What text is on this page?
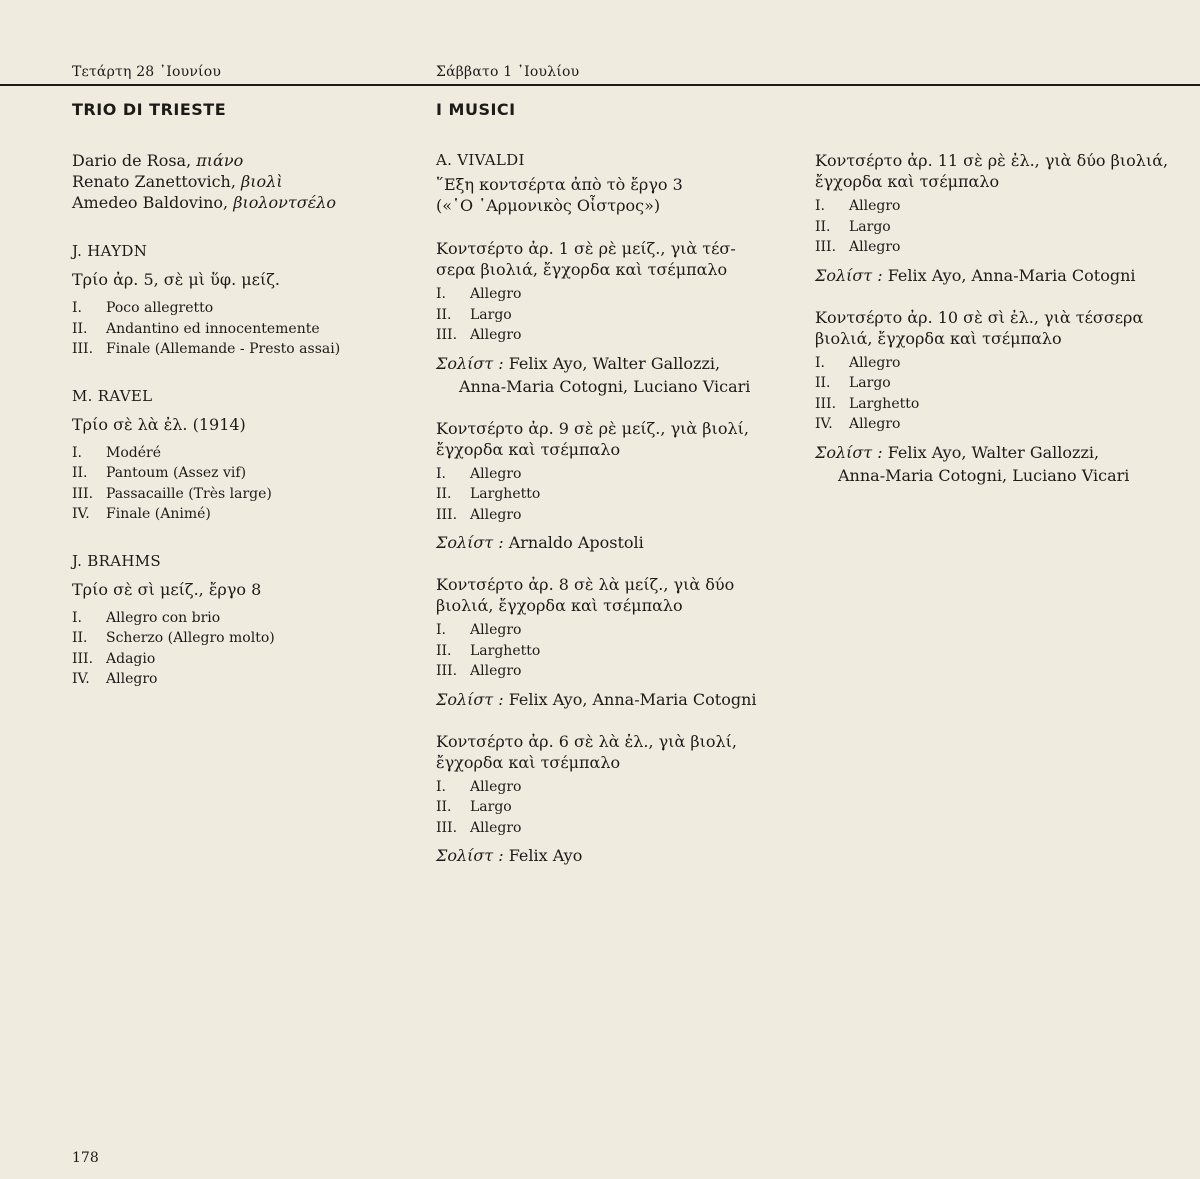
Τετάρτη 28 ᾽Ιουνίου	Σάββατο 1 ᾽Ιουλίου
TRIO DI TRIESTE	I MUSICI
Dario de Rosa, πιάνο
Renato Zanettovich, βιολὶ
Amedeo Baldovino, βιολοντσέλο
J. HAYDN
Τρίο ἀρ. 5, σὲ μὶ ὕφ. μείζ.
I.	Poco allegretto
II.	Andantino ed innocentemente
III. Finale (Allemande - Presto assai)
M. RAVEL
Τρίο σὲ λὰ ἐλ. (1914)
I.	Modéré
II.	Pantoum (Assez vif)
III. Passacaille (Très large)
IV.	Finale (Animé)
J. BRAHMS
Τρίο σὲ σὶ μείζ., ἔργο 8
I.	Allegro con brio
II.	Scherzo (Allegro molto)
III. Adagio
IV.	Allegro
A. VIVALDI
῞Εξη κοντσέρτα ἀπὸ τὸ ἔργο 3
(«῾Ο ῾Αρμονικὸς Οἶστρος»)
Κοντσέρτο ἀρ. 1 σὲ ρὲ μείζ., γιὰ τέσ-
σερα βιολιά, ἔγχορδα καὶ τσέμπαλο
I.	Allegro
II.	Largo
III. Allegro
Σολίστ : Felix Ayo, Walter Gallozzi,
Anna-Maria Cotogni, Luciano Vicari
Κοντσέρτο ἀρ. 9 σὲ ρὲ μείζ., γιὰ βιολί,
ἔγχορδα καὶ τσέμπαλο
I.	Allegro
II.	Larghetto
III. Allegro
Σολίστ : Arnaldo Apostoli
Κοντσέρτο ἀρ. 8 σὲ λὰ μείζ., γιὰ δύο
βιολιά, ἔγχορδα καὶ τσέμπαλο
I.	Allegro
II.	Larghetto
III. Allegro
Σολίστ : Felix Ayo, Anna-Maria Cotogni
Κοντσέρτο ἀρ. 6 σὲ λὰ ἐλ., γιὰ βιολί,
ἔγχορδα καὶ τσέμπαλο
I.	Allegro
II.	Largo
III. Allegro
Σολίστ : Felix Ayo
Κοντσέρτο ἀρ. 11 σὲ ρὲ ἐλ., γιὰ δύο βιολιά,
ἔγχορδα καὶ τσέμπαλο
I.	Allegro
II.	Largo
III. Allegro
Σολίστ : Felix Ayo, Anna-Maria Cotogni
Κοντσέρτο ἀρ. 10 σὲ σὶ ἐλ., γιὰ τέσσερα
βιολιά, ἔγχορδα καὶ τσέμπαλο
I.	Allegro
II.	Largo
III. Larghetto
IV.	Allegro
Σολίστ : Felix Ayo, Walter Gallozzi,
Anna-Maria Cotogni, Luciano Vicari
178
